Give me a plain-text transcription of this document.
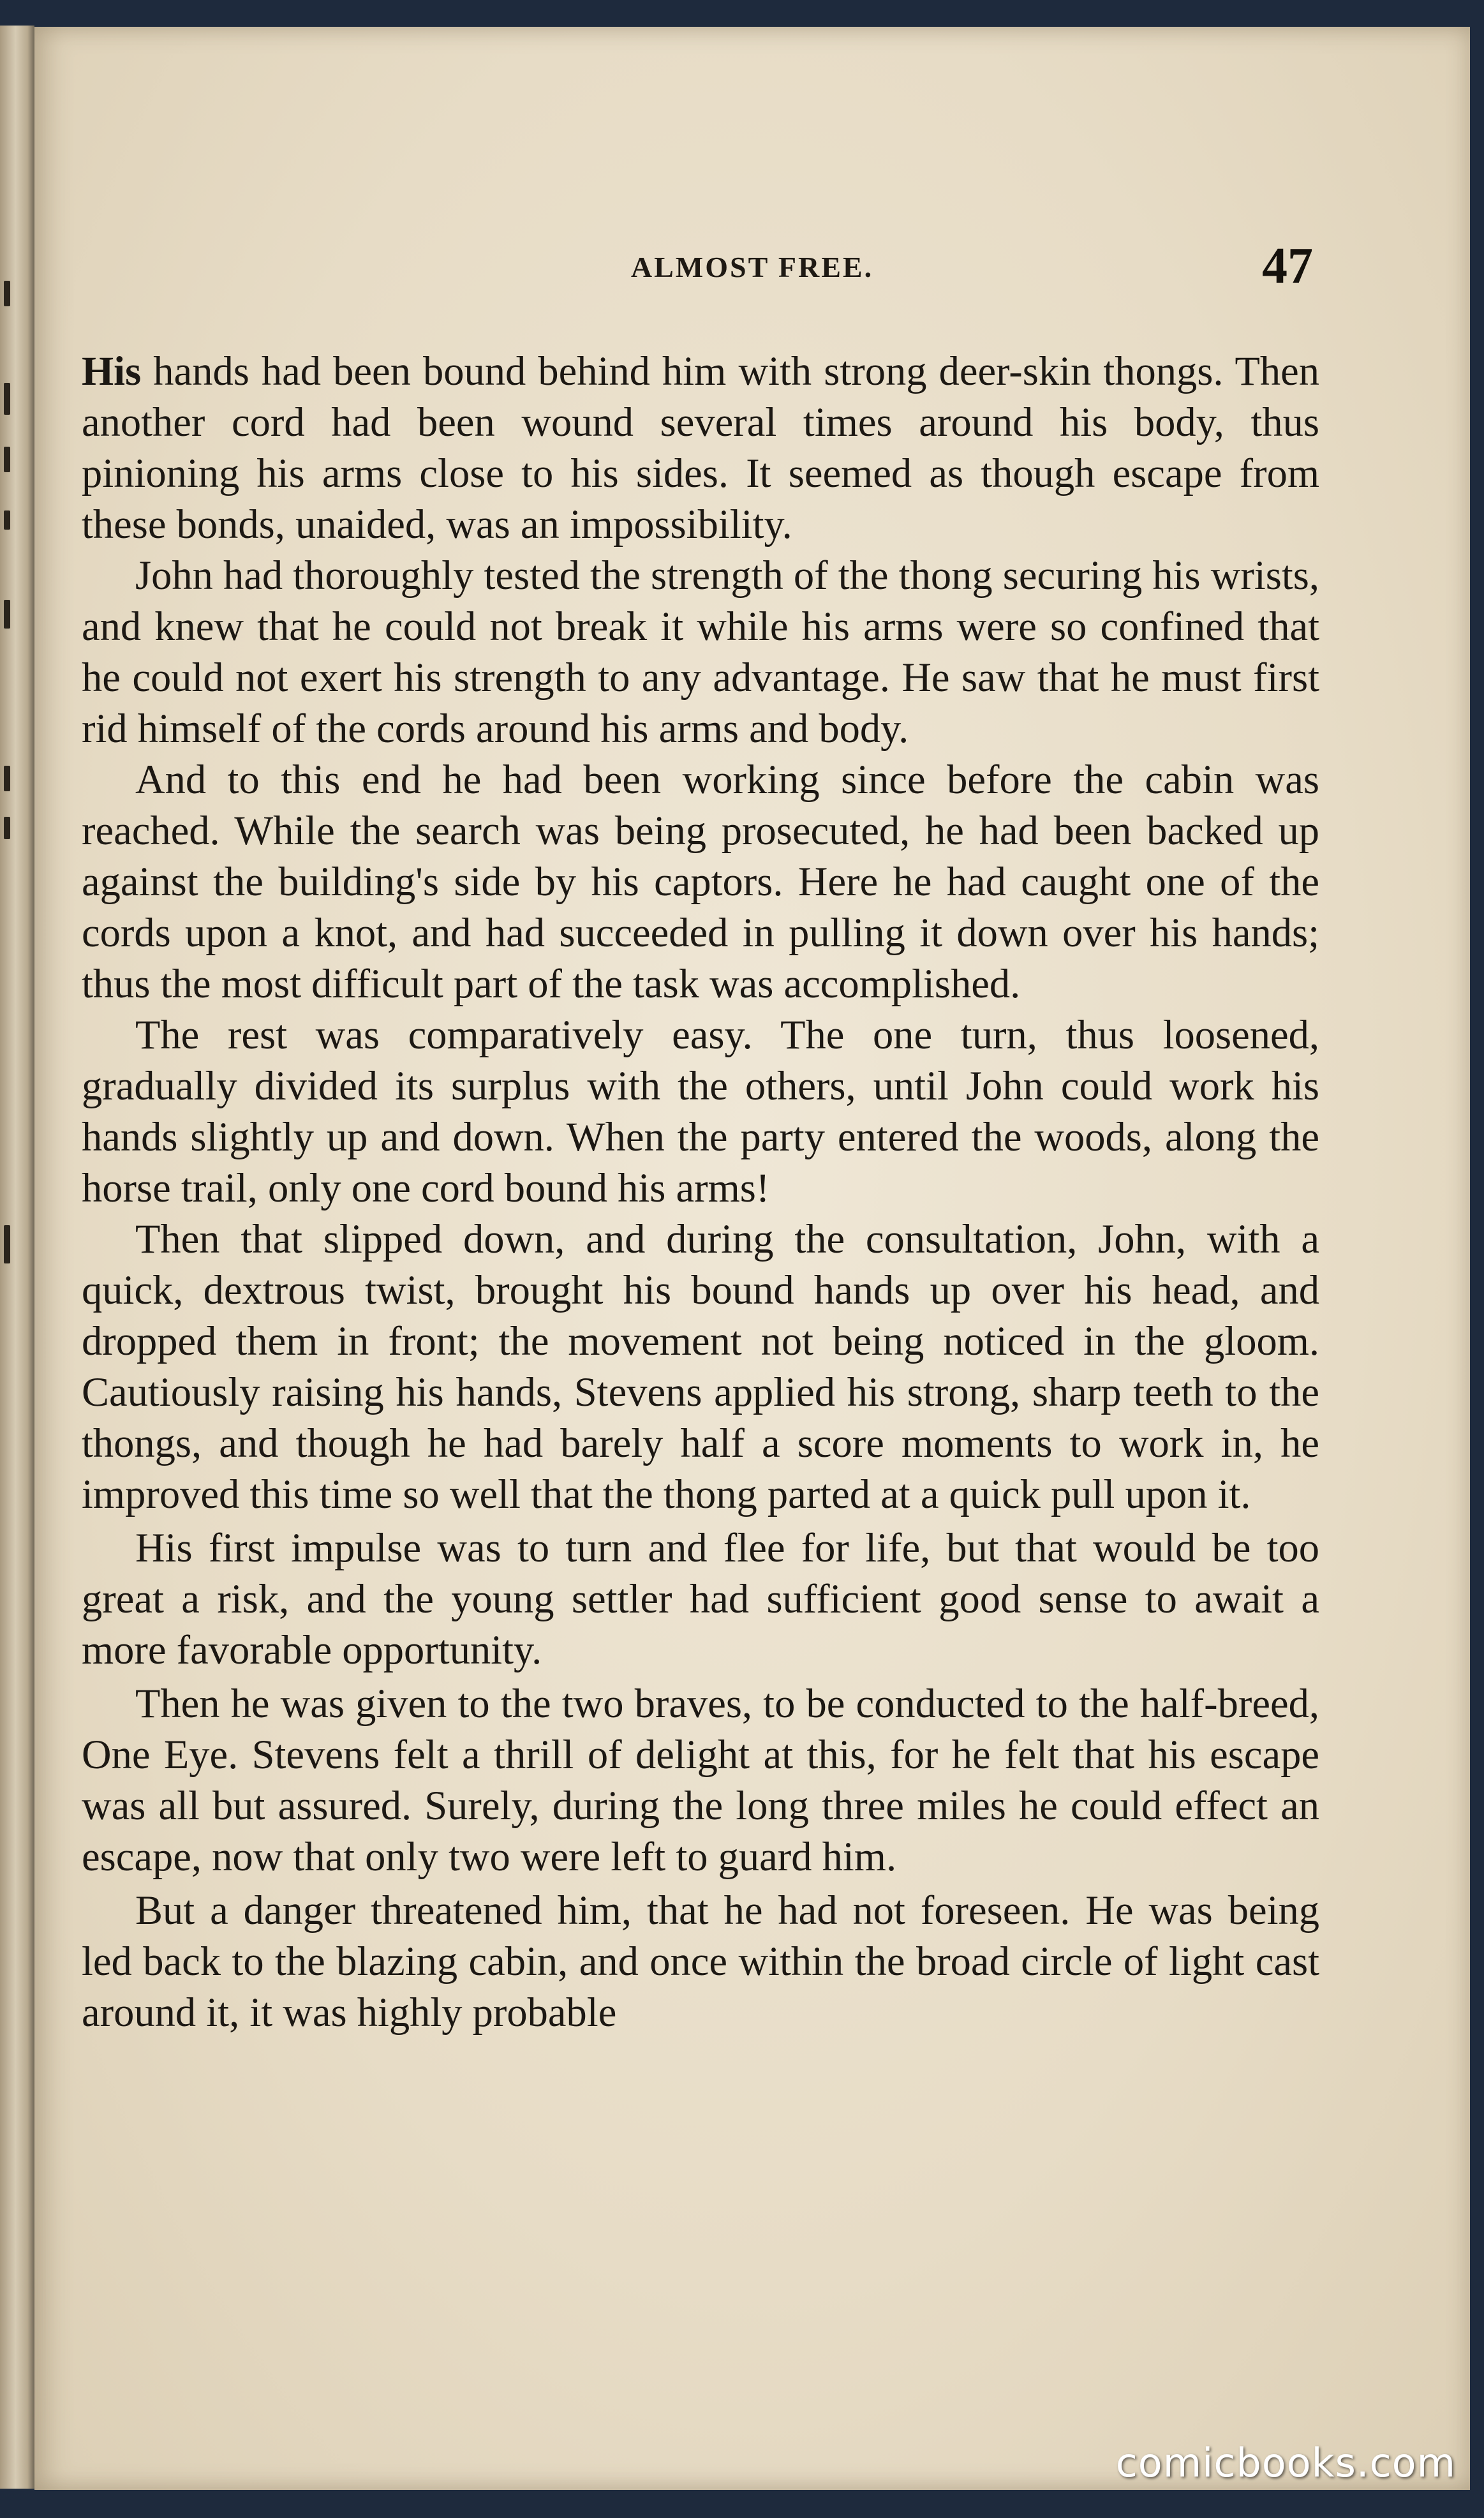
ALMOST FREE.	47

His hands had been bound behind him with strong deer-skin thongs. Then another cord had been wound several times around his body, thus pinioning his arms close to his sides. It seemed as though escape from these bonds, unaided, was an impossibility.

John had thoroughly tested the strength of the thong securing his wrists, and knew that he could not break it while his arms were so confined that he could not exert his strength to any advantage. He saw that he must first rid himself of the cords around his arms and body.

And to this end he had been working since before the cabin was reached. While the search was being prosecuted, he had been backed up against the building's side by his captors. Here he had caught one of the cords upon a knot, and had succeeded in pulling it down over his hands; thus the most difficult part of the task was accomplished.

The rest was comparatively easy. The one turn, thus loosened, gradually divided its surplus with the others, until John could work his hands slightly up and down. When the party entered the woods, along the horse trail, only one cord bound his arms!

Then that slipped down, and during the consultation, John, with a quick, dextrous twist, brought his bound hands up over his head, and dropped them in front; the movement not being noticed in the gloom. Cautiously raising his hands, Stevens applied his strong, sharp teeth to the thongs, and though he had barely half a score moments to work in, he improved this time so well that the thong parted at a quick pull upon it.

His first impulse was to turn and flee for life, but that would be too great a risk, and the young settler had sufficient good sense to await a more favorable opportunity.

Then he was given to the two braves, to be conducted to the half-breed, One Eye. Stevens felt a thrill of delight at this, for he felt that his escape was all but assured. Surely, during the long three miles he could effect an escape, now that only two were left to guard him.

But a danger threatened him, that he had not foreseen. He was being led back to the blazing cabin, and once within the broad circle of light cast around it, it was highly probable

comicbooks.com
